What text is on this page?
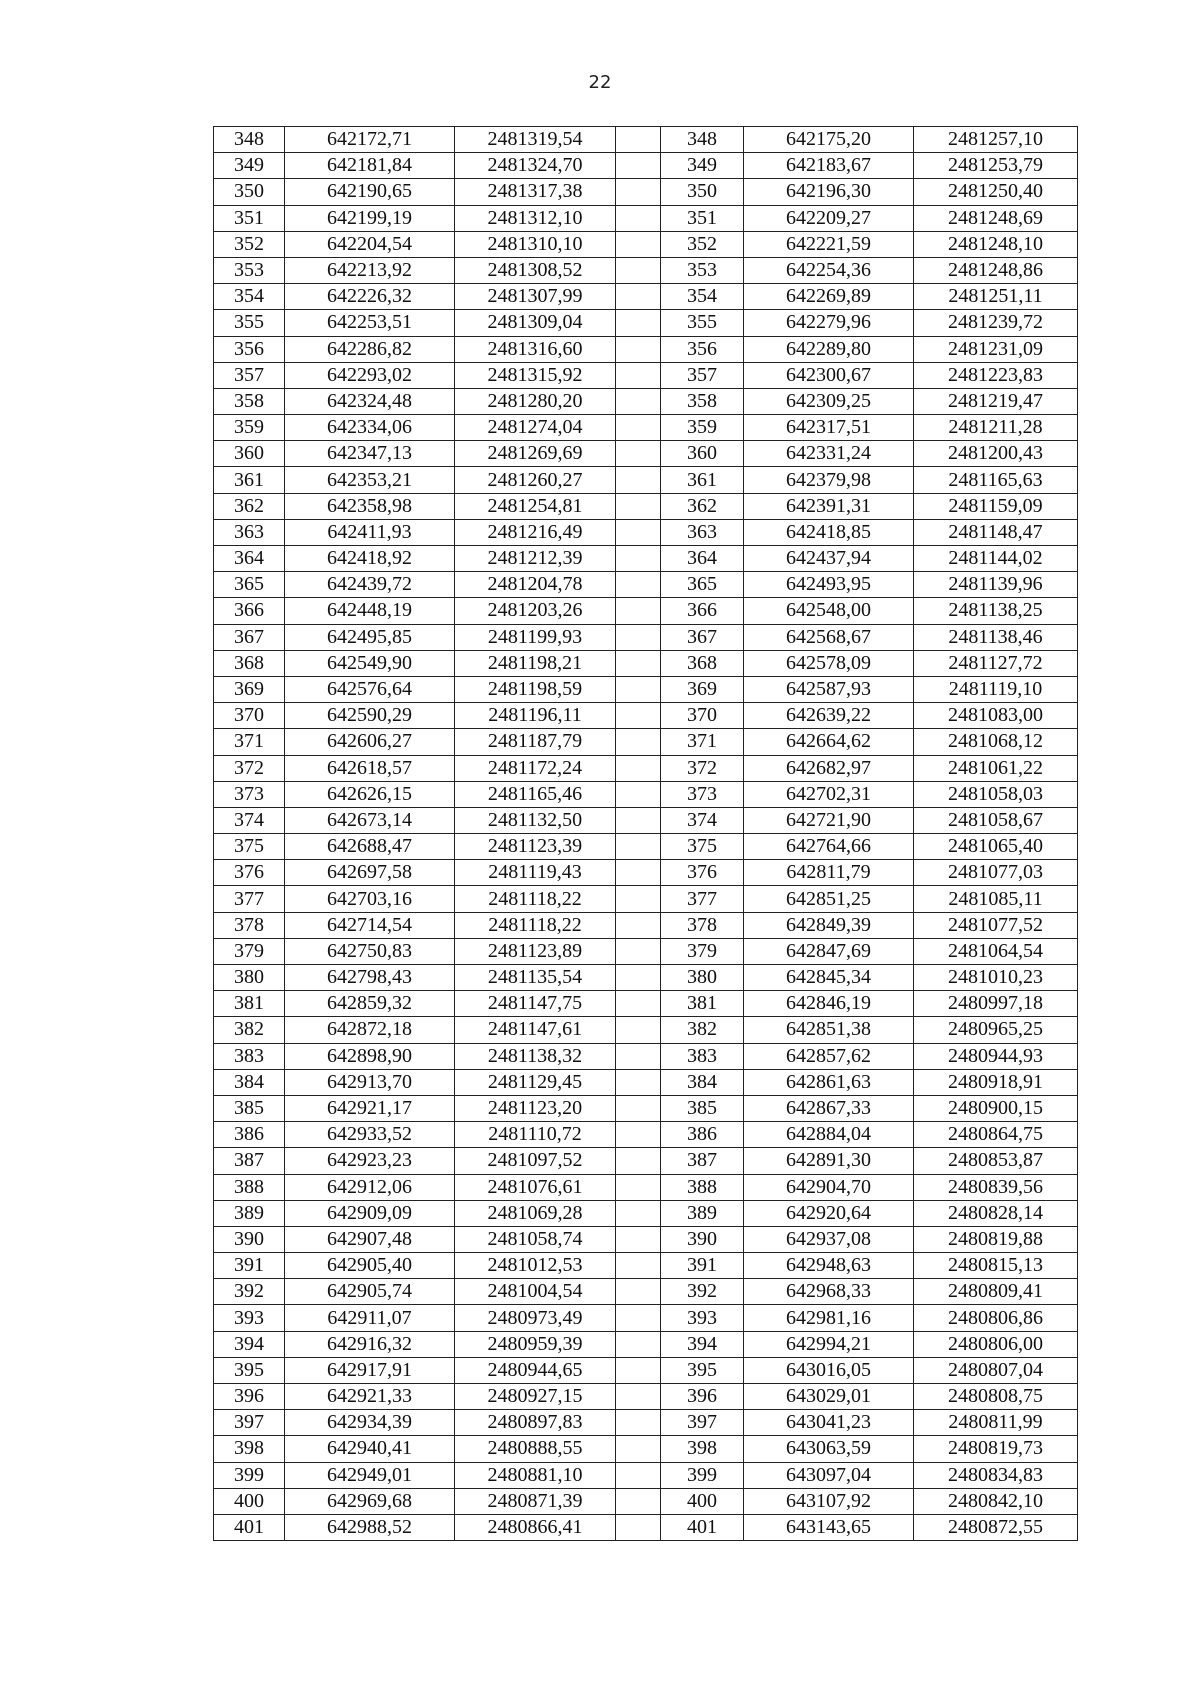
22
348	642172,71	2481319,54		348	642175,20	2481257,10
349	642181,84	2481324,70		349	642183,67	2481253,79
350	642190,65	2481317,38		350	642196,30	2481250,40
351	642199,19	2481312,10		351	642209,27	2481248,69
352	642204,54	2481310,10		352	642221,59	2481248,10
353	642213,92	2481308,52		353	642254,36	2481248,86
354	642226,32	2481307,99		354	642269,89	2481251,11
355	642253,51	2481309,04		355	642279,96	2481239,72
356	642286,82	2481316,60		356	642289,80	2481231,09
357	642293,02	2481315,92		357	642300,67	2481223,83
358	642324,48	2481280,20		358	642309,25	2481219,47
359	642334,06	2481274,04		359	642317,51	2481211,28
360	642347,13	2481269,69		360	642331,24	2481200,43
361	642353,21	2481260,27		361	642379,98	2481165,63
362	642358,98	2481254,81		362	642391,31	2481159,09
363	642411,93	2481216,49		363	642418,85	2481148,47
364	642418,92	2481212,39		364	642437,94	2481144,02
365	642439,72	2481204,78		365	642493,95	2481139,96
366	642448,19	2481203,26		366	642548,00	2481138,25
367	642495,85	2481199,93		367	642568,67	2481138,46
368	642549,90	2481198,21		368	642578,09	2481127,72
369	642576,64	2481198,59		369	642587,93	2481119,10
370	642590,29	2481196,11		370	642639,22	2481083,00
371	642606,27	2481187,79		371	642664,62	2481068,12
372	642618,57	2481172,24		372	642682,97	2481061,22
373	642626,15	2481165,46		373	642702,31	2481058,03
374	642673,14	2481132,50		374	642721,90	2481058,67
375	642688,47	2481123,39		375	642764,66	2481065,40
376	642697,58	2481119,43		376	642811,79	2481077,03
377	642703,16	2481118,22		377	642851,25	2481085,11
378	642714,54	2481118,22		378	642849,39	2481077,52
379	642750,83	2481123,89		379	642847,69	2481064,54
380	642798,43	2481135,54		380	642845,34	2481010,23
381	642859,32	2481147,75		381	642846,19	2480997,18
382	642872,18	2481147,61		382	642851,38	2480965,25
383	642898,90	2481138,32		383	642857,62	2480944,93
384	642913,70	2481129,45		384	642861,63	2480918,91
385	642921,17	2481123,20		385	642867,33	2480900,15
386	642933,52	2481110,72		386	642884,04	2480864,75
387	642923,23	2481097,52		387	642891,30	2480853,87
388	642912,06	2481076,61		388	642904,70	2480839,56
389	642909,09	2481069,28		389	642920,64	2480828,14
390	642907,48	2481058,74		390	642937,08	2480819,88
391	642905,40	2481012,53		391	642948,63	2480815,13
392	642905,74	2481004,54		392	642968,33	2480809,41
393	642911,07	2480973,49		393	642981,16	2480806,86
394	642916,32	2480959,39		394	642994,21	2480806,00
395	642917,91	2480944,65		395	643016,05	2480807,04
396	642921,33	2480927,15		396	643029,01	2480808,75
397	642934,39	2480897,83		397	643041,23	2480811,99
398	642940,41	2480888,55		398	643063,59	2480819,73
399	642949,01	2480881,10		399	643097,04	2480834,83
400	642969,68	2480871,39		400	643107,92	2480842,10
401	642988,52	2480866,41		401	643143,65	2480872,55
